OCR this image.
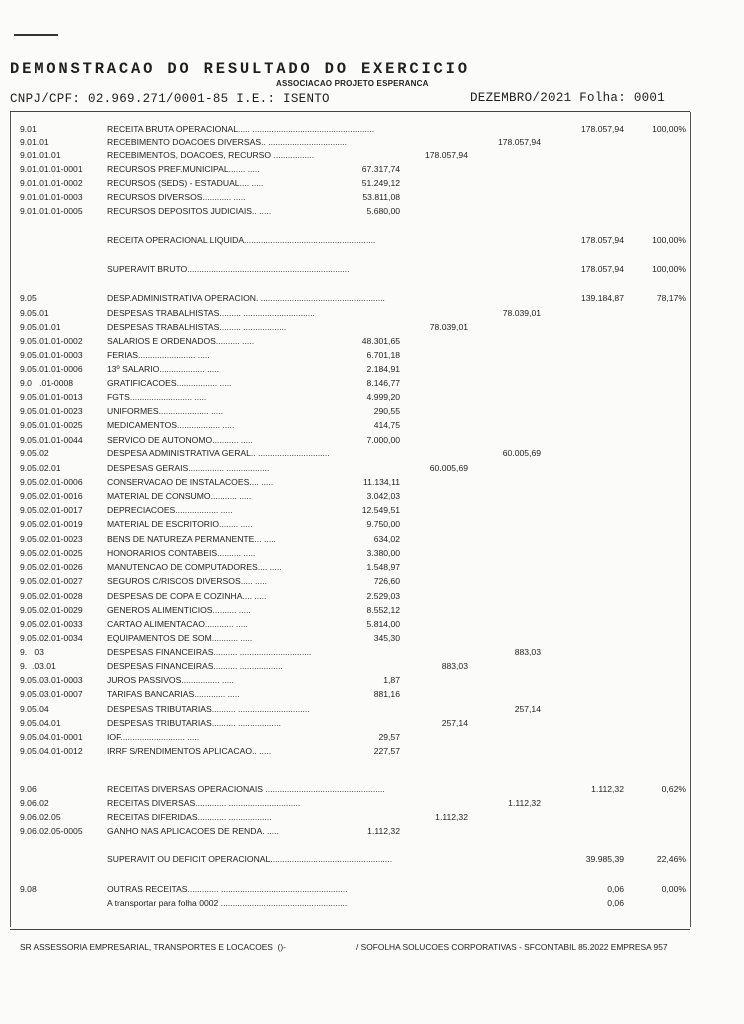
DEMONSTRACAO DO RESULTADO DO EXERCICIO
ASSOCIACAO PROJETO ESPERANCA
CNPJ/CPF: 02.969.271/0001-85 I.E.: ISENTO	DEZEMBRO/2021 Folha: 0001
9.01	RECEITA BRUTA OPERACIONAL..... ...................................................	178.057,94	100,00%
9.01.01	RECEBIMENTO DOACOES DIVERSAS.. .................................	178.057,94
9.01.01.01	RECEBIMENTOS, DOACOES, RECURSO .................	178.057,94
9.01.01.01-0001	RECURSOS PREF.MUNICIPAL....... .....	67.317,74
9.01.01.01-0002	RECURSOS (SEDS) - ESTADUAL.... .....	51.249,12
9.01.01.01-0003	RECURSOS DIVERSOS............ .....	53.811,08
9.01.01.01-0005	RECURSOS DEPOSITOS JUDICIAIS.. .....	5.680,00
RECEITA OPERACIONAL LIQUIDA.......................................................	178.057,94	100,00%
SUPERAVIT BRUTO....................................................................	178.057,94	100,00%
9.05	DESP.ADMINISTRATIVA OPERACION. ....................................................	139.184,87	78,17%
9.05.01	DESPESAS TRABALHISTAS......... ..............................	78.039,01
9.05.01.01	DESPESAS TRABALHISTAS......... ..................	78.039,01
9.05.01.01-0002	SALARIOS E ORDENADOS.......... .....	48.301,65
9.05.01.01-0003	FERIAS........................ .....	6.701,18
9.05.01.01-0006	13º SALARIO................... .....	2.184,91
9.0   .01-0008	GRATIFICACOES................. .....	8.146,77
9.05.01.01-0013	FGTS.......................... .....	4.999,20
9.05.01.01-0023	UNIFORMES..................... .....	290,55
9.05.01.01-0025	MEDICAMENTOS.................. .....	414,75
9.05.01.01-0044	SERVICO DE AUTONOMO........... .....	7.000,00
9.05.02	DESPESA ADMINISTRATIVA GERAL.. ..............................	60.005,69
9.05.02.01	DESPESAS GERAIS............... ..................	60.005,69
9.05.02.01-0006	CONSERVACAO DE INSTALACOES.... .....	11.134,11
9.05.02.01-0016	MATERIAL DE CONSUMO........... .....	3.042,03
9.05.02.01-0017	DEPRECIACOES.................. .....	12.549,51
9.05.02.01-0019	MATERIAL DE ESCRITORIO........ .....	9.750,00
9.05.02.01-0023	BENS DE NATUREZA PERMANENTE... .....	634,02
9.05.02.01-0025	HONORARIOS CONTABEIS.......... .....	3.380,00
9.05.02.01-0026	MANUTENCAO DE COMPUTADORES.... .....	1.548,97
9.05.02.01-0027	SEGUROS C/RISCOS DIVERSOS..... .....	726,60
9.05.02.01-0028	DESPESAS DE COPA E COZINHA.... .....	2.529,03
9.05.02.01-0029	GENEROS ALIMENTICIOS.......... .....	8.552,12
9.05.02.01-0033	CARTAO ALIMENTACAO............ .....	5.814,00
9.05.02.01-0034	EQUIPAMENTOS DE SOM........... .....	345,30
9.   03	DESPESAS FINANCEIRAS.......... ..............................	883,03
9.  .03.01	DESPESAS FINANCEIRAS.......... ..................	883,03
9.05.03.01-0003	JUROS PASSIVOS................ .....	1,87
9.05.03.01-0007	TARIFAS BANCARIAS............. .....	881,16
9.05.04	DESPESAS TRIBUTARIAS.......... ..............................	257,14
9.05.04.01	DESPESAS TRIBUTARIAS.......... ..................	257,14
9.05.04.01-0001	IOF........................... .....	29,57
9.05.04.01-0012	IRRF S/RENDIMENTOS APLICACAO.. .....	227,57
9.06	RECEITAS DIVERSAS OPERACIONAIS ..................................................	1.112,32	0,62%
9.06.02	RECEITAS DIVERSAS............. ..............................	1.112,32
9.06.02.05	RECEITAS DIFERIDAS............ ..................	1.112,32
9.06.02.05-0005	GANHO NAS APLICACOES DE RENDA. .....	1.112,32
SUPERAVIT OU DEFICIT OPERACIONAL...................................................	39.985,39	22,46%
9.08	OUTRAS RECEITAS............. .....................................................	0,06	0,00%
A transportar para folha 0002 .....................................................	0,06
SR ASSESSORIA EMPRESARIAL, TRANSPORTES E LOCACOES  ()-	/ SOFOLHA SOLUCOES CORPORATIVAS - SFCONTABIL 85.2022 EMPRESA 957
